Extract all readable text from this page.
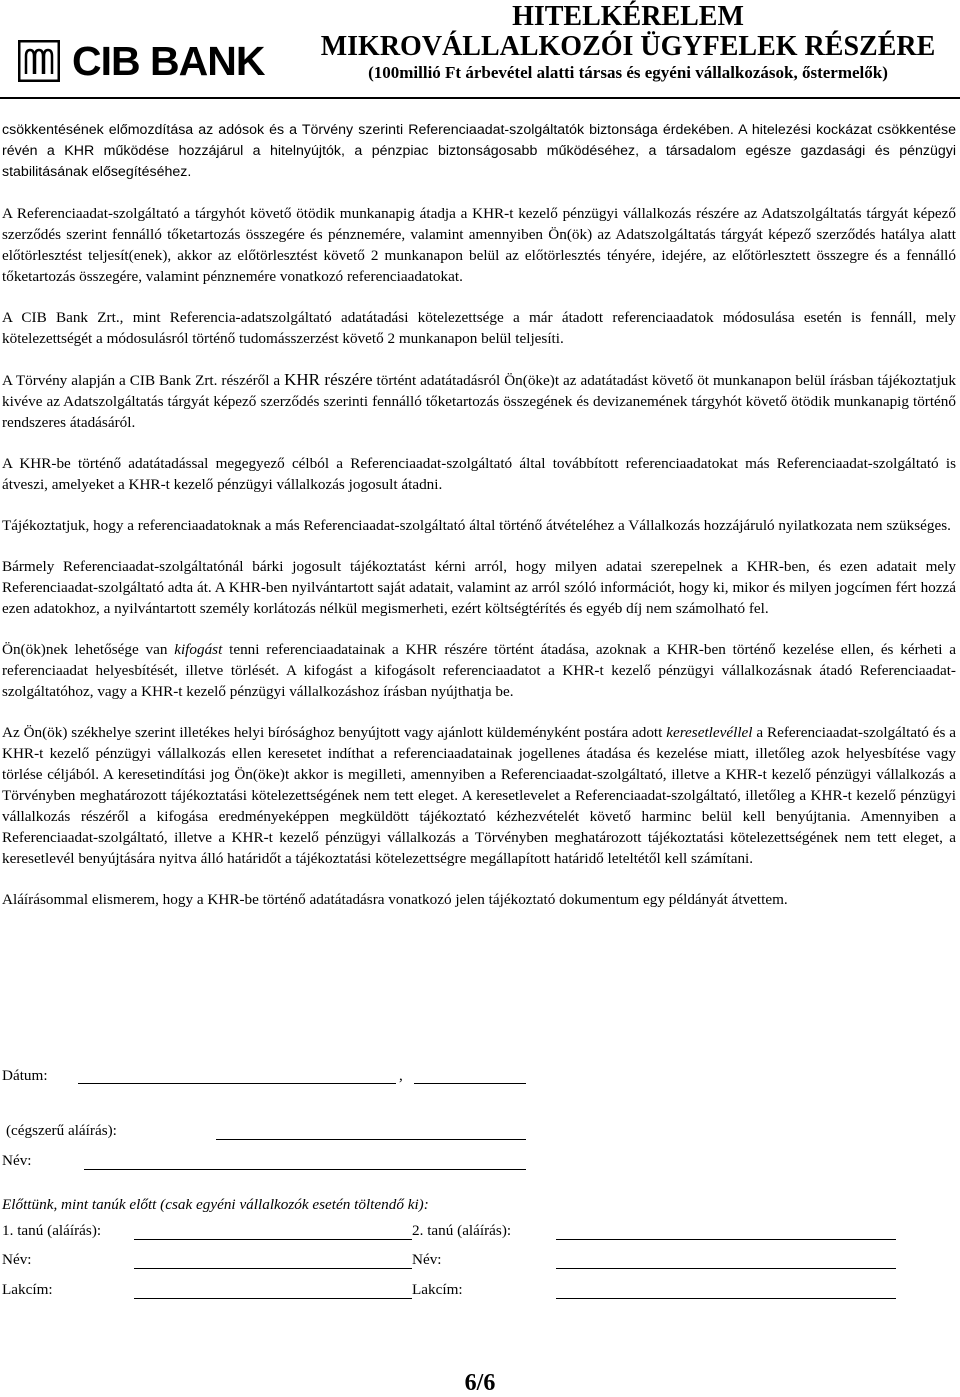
CIB BANK
HITELKÉRELEM
MIKROVÁLLALKOZÓI ÜGYFELEK RÉSZÉRE
(100millió Ft árbevétel alatti társas és egyéni vállalkozások, őstermelők)

csökkentésének előmozdítása az adósok és a Törvény szerinti Referenciaadat-szolgáltatók biztonsága érdekében. A hitelezési kockázat csökkentése révén a KHR működése hozzájárul a hitelnyújtók, a pénzpiac biztonságosabb működéséhez, a társadalom egésze gazdasági és pénzügyi stabilitásának elősegítéséhez.

A Referenciaadat-szolgáltató a tárgyhót követő ötödik munkanapig átadja a KHR-t kezelő pénzügyi vállalkozás részére az Adatszolgáltatás tárgyát képező szerződés szerint fennálló tőketartozás összegére és pénznemére, valamint amennyiben Ön(ök) az Adatszolgáltatás tárgyát képező szerződés hatálya alatt előtörlesztést teljesít(enek), akkor az előtörlesztést követő 2 munkanapon belül az előtörlesztés tényére, idejére, az előtörlesztett összegre és a fennálló tőketartozás összegére, valamint pénznemére vonatkozó referenciaadatokat.

A CIB Bank Zrt., mint Referencia-adatszolgáltató adatátadási kötelezettsége a már átadott referenciaadatok módosulása esetén is fennáll, mely kötelezettségét a módosulásról történő tudomásszerzést követő 2 munkanapon belül teljesíti.

A Törvény alapján a CIB Bank Zrt. részéről a KHR részére történt adatátadásról Ön(öke)t az adatátadást követő öt munkanapon belül írásban tájékoztatjuk kivéve az Adatszolgáltatás tárgyát képező szerződés szerinti fennálló tőketartozás összegének és devizanemének tárgyhót követő ötödik munkanapig történő rendszeres átadásáról.

A KHR-be történő adatátadással megegyező célból a Referenciaadat-szolgáltató által továbbított referenciaadatokat más Referenciaadat-szolgáltató is átveszi, amelyeket a KHR-t kezelő pénzügyi vállalkozás jogosult átadni.

Tájékoztatjuk, hogy a referenciaadatoknak a más Referenciaadat-szolgáltató által történő átvételéhez a Vállalkozás hozzájáruló nyilatkozata nem szükséges.

Bármely Referenciaadat-szolgáltatónál bárki jogosult tájékoztatást kérni arról, hogy milyen adatai szerepelnek a KHR-ben, és ezen adatait mely Referenciaadat-szolgáltató adta át. A KHR-ben nyilvántartott saját adatait, valamint az arról szóló információt, hogy ki, mikor és milyen jogcímen fért hozzá ezen adatokhoz, a nyilvántartott személy korlátozás nélkül megismerheti, ezért költségtérítés és egyéb díj nem számolható fel.

Ön(ök)nek lehetősége van kifogást tenni referenciaadatainak a KHR részére történt átadása, azoknak a KHR-ben történő kezelése ellen, és kérheti a referenciaadat helyesbítését, illetve törlését. A kifogást a kifogásolt referenciaadatot a KHR-t kezelő pénzügyi vállalkozásnak átadó Referenciaadat-szolgáltatóhoz, vagy a KHR-t kezelő pénzügyi vállalkozáshoz írásban nyújthatja be.

Az Ön(ök) székhelye szerint illetékes helyi bírósághoz benyújtott vagy ajánlott küldeményként postára adott keresetlevéllel a Referenciaadat-szolgáltató és a KHR-t kezelő pénzügyi vállalkozás ellen keresetet indíthat a referenciaadatainak jogellenes átadása és kezelése miatt, illetőleg azok helyesbítése vagy törlése céljából. A keresetindítási jog Ön(öke)t akkor is megilleti, amennyiben a Referenciaadat-szolgáltató, illetve a KHR-t kezelő pénzügyi vállalkozás a Törvényben meghatározott tájékoztatási kötelezettségének nem tett eleget. A keresetlevelet a Referenciaadat-szolgáltató, illetőleg a KHR-t kezelő pénzügyi vállalkozás részéről a kifogása eredményeképpen megküldött tájékoztató kézhezvételét követő harminc belül kell benyújtania. Amennyiben a Referenciaadat-szolgáltató, illetve a KHR-t kezelő pénzügyi vállalkozás a Törvényben meghatározott tájékoztatási kötelezettségének nem tett eleget, a keresetlevél benyújtására nyitva álló határidőt a tájékoztatási kötelezettségre megállapított határidő leteltétől kell számítani.

Aláírásommal elismerem, hogy a KHR-be történő adatátadásra vonatkozó jelen tájékoztató dokumentum egy példányát átvettem.

Dátum:	,
(cégszerű aláírás):
Név:
Előttünk, mint tanúk előtt (csak egyéni vállalkozók esetén töltendő ki):
1. tanú (aláírás):	2. tanú (aláírás):
Név:	Név:
Lakcím:	Lakcím:
6/6
